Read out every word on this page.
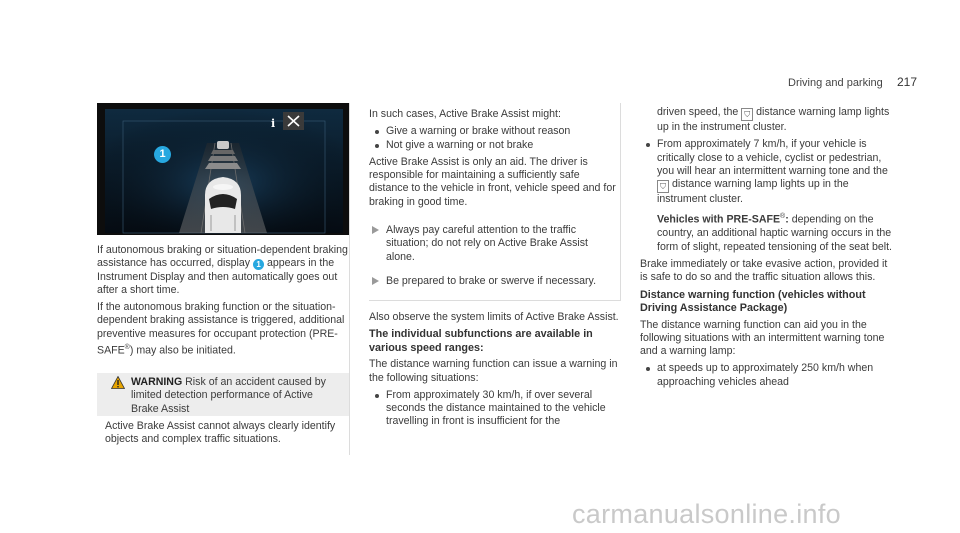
Driving and parking 217
i
1

If autonomous braking or situation-dependent braking assistance has occurred, display 1 appears in the Instrument Display and then automatically goes out after a short time.

If the autonomous braking function or the situation-dependent braking assistance is triggered, additional preventive measures for occupant protection (PRE-SAFE®) may also be initiated.

WARNING Risk of an accident caused by limited detection performance of Active Brake Assist
Active Brake Assist cannot always clearly identify objects and complex traffic situations.

In such cases, Active Brake Assist might:

Give a warning or brake without reason
Not give a warning or not brake

Active Brake Assist is only an aid. The driver is responsible for maintaining a sufficiently safe distance to the vehicle in front, vehicle speed and for braking in good time.

Always pay careful attention to the traffic situation; do not rely on Active Brake Assist alone.
Be prepared to brake or swerve if necessary.

Also observe the system limits of Active Brake Assist.

The individual subfunctions are available in various speed ranges:

The distance warning function can issue a warning in the following situations:

From approximately 30 km/h, if over several seconds the distance maintained to the vehicle travelling in front is insufficient for the

driven speed, the ⛉ distance warning lamp lights up in the instrument cluster.

From approximately 7 km/h, if your vehicle is critically close to a vehicle, cyclist or pedestrian, you will hear an intermittent warning tone and the ⛉ distance warning lamp lights up in the instrument cluster.

Vehicles with PRE-SAFE®: depending on the country, an additional haptic warning occurs in the form of slight, repeated tensioning of the seat belt.

Brake immediately or take evasive action, provided it is safe to do so and the traffic situation allows this.

Distance warning function (vehicles without Driving Assistance Package)

The distance warning function can aid you in the following situations with an intermittent warning tone and a warning lamp:

at speeds up to approximately 250 km/h when approaching vehicles ahead
carmanualsonline.info
